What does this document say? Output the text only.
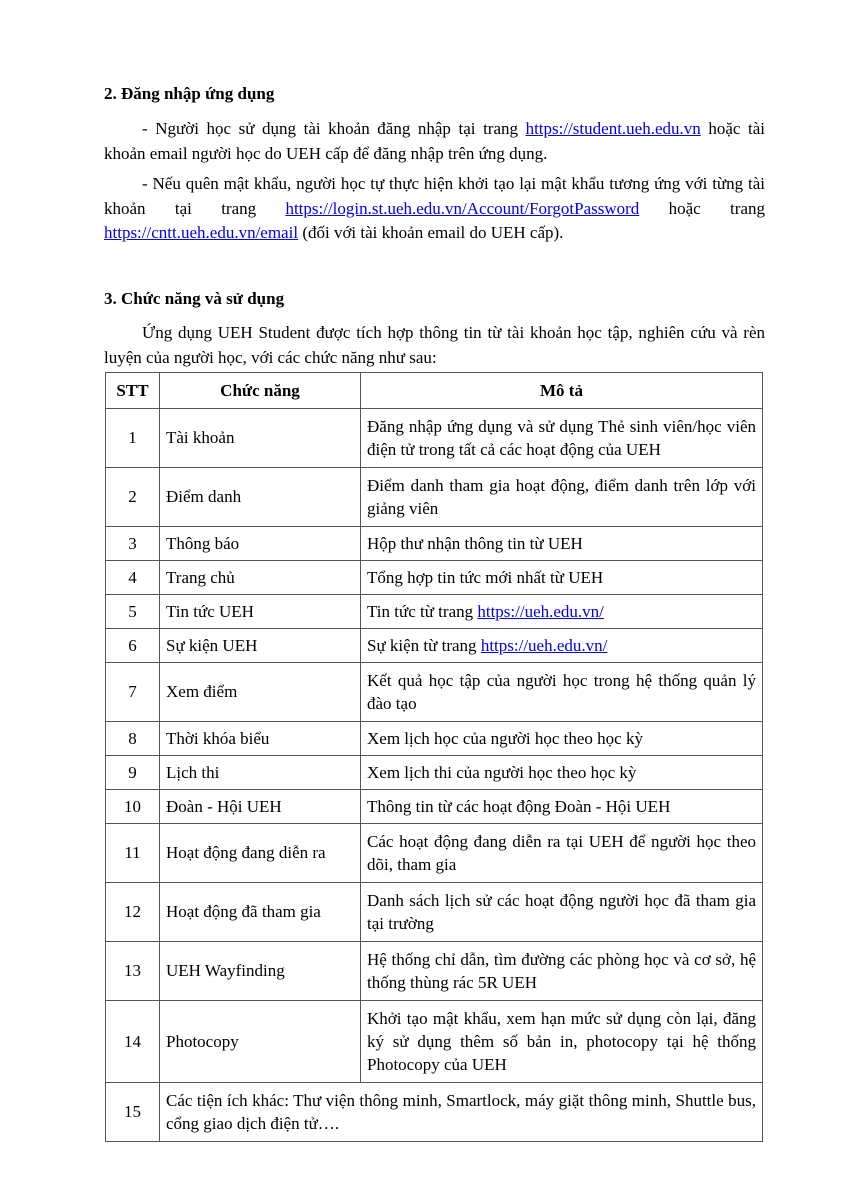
2. Đăng nhập ứng dụng
- Người học sử dụng tài khoản đăng nhập tại trang https://student.ueh.edu.vn hoặc tài khoản email người học do UEH cấp để đăng nhập trên ứng dụng.
- Nếu quên mật khẩu, người học tự thực hiện khởi tạo lại mật khẩu tương ứng với từng tài khoản tại trang https://login.st.ueh.edu.vn/Account/ForgotPassword hoặc trang https://cntt.ueh.edu.vn/email (đối với tài khoản email do UEH cấp).
3. Chức năng và sử dụng
Ứng dụng UEH Student được tích hợp thông tin từ tài khoản học tập, nghiên cứu và rèn luyện của người học, với các chức năng như sau:
STT	Chức năng	Mô tả
1	Tài khoản	Đăng nhập ứng dụng và sử dụng Thẻ sinh viên/học viên điện tử trong tất cả các hoạt động của UEH
2	Điểm danh	Điểm danh tham gia hoạt động, điểm danh trên lớp với giảng viên
3	Thông báo	Hộp thư nhận thông tin từ UEH
4	Trang chủ	Tổng hợp tin tức mới nhất từ UEH
5	Tin tức UEH	Tin tức từ trang https://ueh.edu.vn/
6	Sự kiện UEH	Sự kiện từ trang https://ueh.edu.vn/
7	Xem điểm	Kết quả học tập của người học trong hệ thống quản lý đào tạo
8	Thời khóa biểu	Xem lịch học của người học theo học kỳ
9	Lịch thi	Xem lịch thi của người học theo học kỳ
10	Đoàn - Hội UEH	Thông tin từ các hoạt động Đoàn - Hội UEH
11	Hoạt động đang diễn ra	Các hoạt động đang diễn ra tại UEH để người học theo dõi, tham gia
12	Hoạt động đã tham gia	Danh sách lịch sử các hoạt động người học đã tham gia tại trường
13	UEH Wayfinding	Hệ thống chỉ dẫn, tìm đường các phòng học và cơ sở, hệ thống thùng rác 5R UEH
14	Photocopy	Khởi tạo mật khẩu, xem hạn mức sử dụng còn lại, đăng ký sử dụng thêm số bản in, photocopy tại hệ thống Photocopy của UEH
15	Các tiện ích khác: Thư viện thông minh, Smartlock, máy giặt thông minh, Shuttle bus, cổng giao dịch điện tử….	
